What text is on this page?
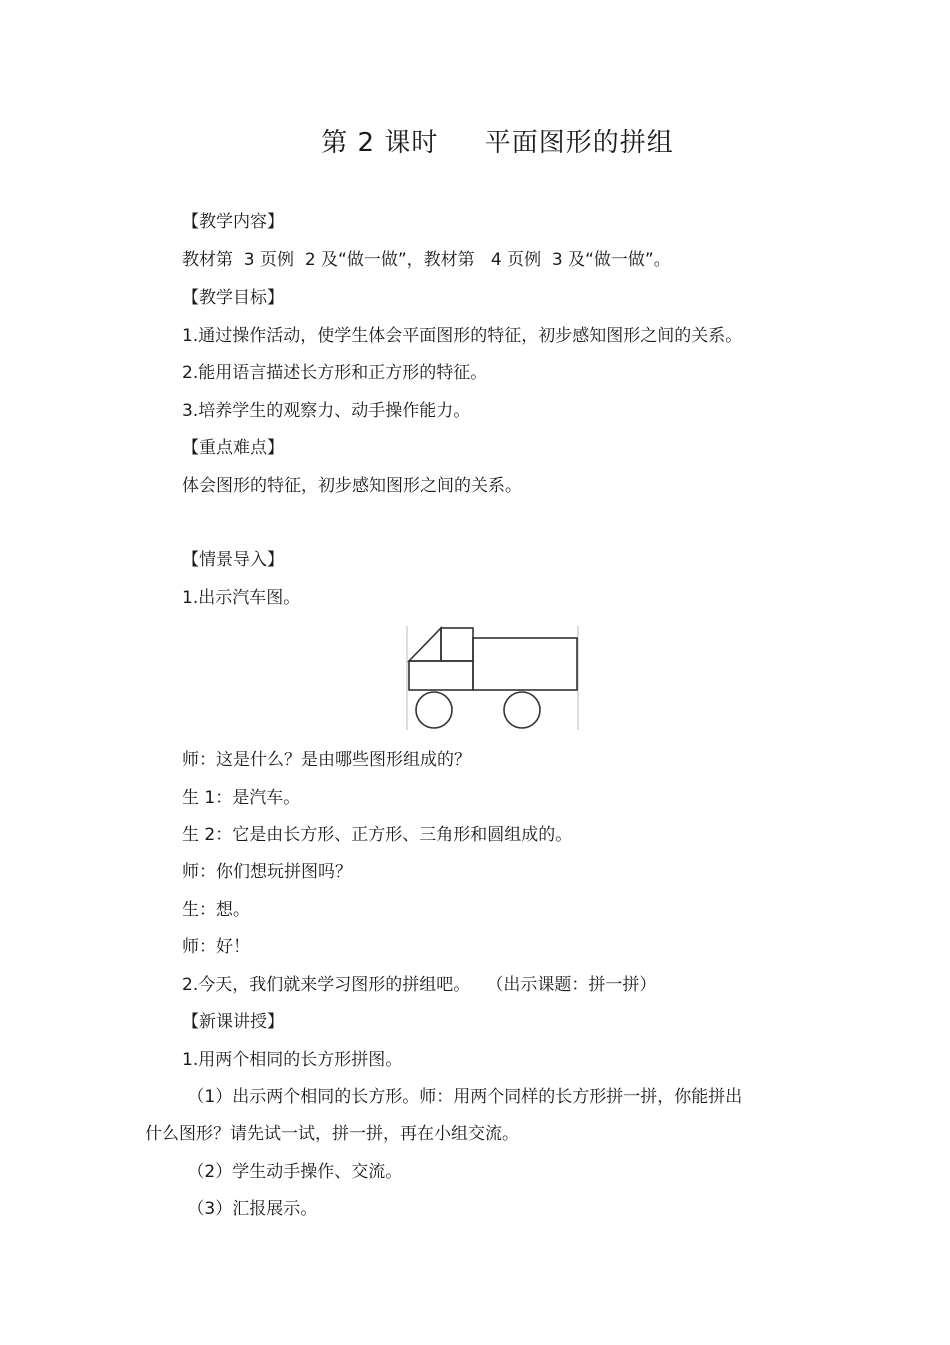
第 2 课时     平面图形的拼组
【教学内容】
教材第  3 页例  2 及“做一做”，教材第   4 页例  3 及“做一做”。
【教学目标】
1.通过操作活动，使学生体会平面图形的特征，初步感知图形之间的关系。
2.能用语言描述长方形和正方形的特征。
3.培养学生的观察力、动手操作能力。
【重点难点】
体会图形的特征，初步感知图形之间的关系。
【情景导入】
1.出示汽车图。
师：这是什么？是由哪些图形组成的？
生 1：是汽车。
生 2：它是由长方形、正方形、三角形和圆组成的。
师：你们想玩拼图吗？
生：想。
师：好！
2.今天，我们就来学习图形的拼组吧。   （出示课题：拼一拼）
【新课讲授】
1.用两个相同的长方形拼图。
（1）出示两个相同的长方形。师：用两个同样的长方形拼一拼，你能拼出
什么图形？请先试一试，拼一拼，再在小组交流。
（2）学生动手操作、交流。
（3）汇报展示。
